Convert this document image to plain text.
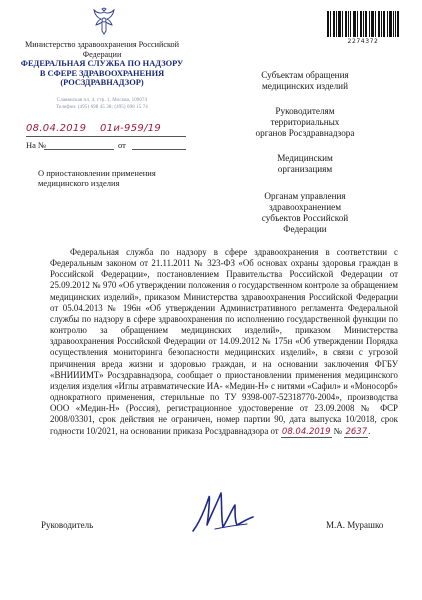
Министерство здравоохранения Российской Федерации
ФЕДЕРАЛЬНАЯ СЛУЖБА ПО НАДЗОРУ
В СФЕРЕ ЗДРАВООХРАНЕНИЯ
(РОСЗДРАВНАДЗОР)
Славянская пл. 4, стр. 1, Москва, 109074
Телефон: (495) 698 45 38; (495) 698 15 74
08.04.2019 01и-959/19
На №	от
О приостановлении применения
медицинского изделия
2274372
Субъектам обращения
медицинских изделий
Руководителям
территориальных
органов Росздравнадзора
Медицинским
организациям
Органам управления
здравоохранением
субъектов Российской
Федерации
Федеральная служба по надзору в сфере здравоохранения в соответствии с Федеральным законом от 21.11.2011 № 323-ФЗ «Об основах охраны здоровья граждан в Российской Федерации», постановлением Правительства Российской Федерации от 25.09.2012 № 970 «Об утверждении положения о государственном контроле за обращением медицинских изделий», приказом Министерства здравоохранения Российской Федерации от 05.04.2013 № 196н «Об утверждении Административного регламента Федеральной службы по надзору в сфере здравоохранения по исполнению государственной функции по контролю за обращением медицинских изделий», приказом Министерства здравоохранения Российской Федерации от 14.09.2012 № 175н «Об утверждении Порядка осуществления мониторинга безопасности медицинских изделий», в связи с угрозой причинения вреда жизни и здоровью граждан, и на основании заключения ФГБУ «ВНИИИМТ» Росздравнадзора, сообщает о приостановлении применения медицинского изделия изделия «Иглы атравматические ИА- «Медин-Н» с нитями «Сафил» и «Моносорб» однократного применения, стерильные по ТУ 9398-007-52318770-2004», производства ООО «Медин-Н» (Россия), регистрационное удостоверение от 23.09.2008 № ФСР 2008/03301, срок действия не ограничен, номер партии 90, дата выпуска 10/2018, срок годности 10/2021, на основании приказа Росздравнадзора от 08.04.2019 № 2637.
Руководитель	М.А. Мурашко
